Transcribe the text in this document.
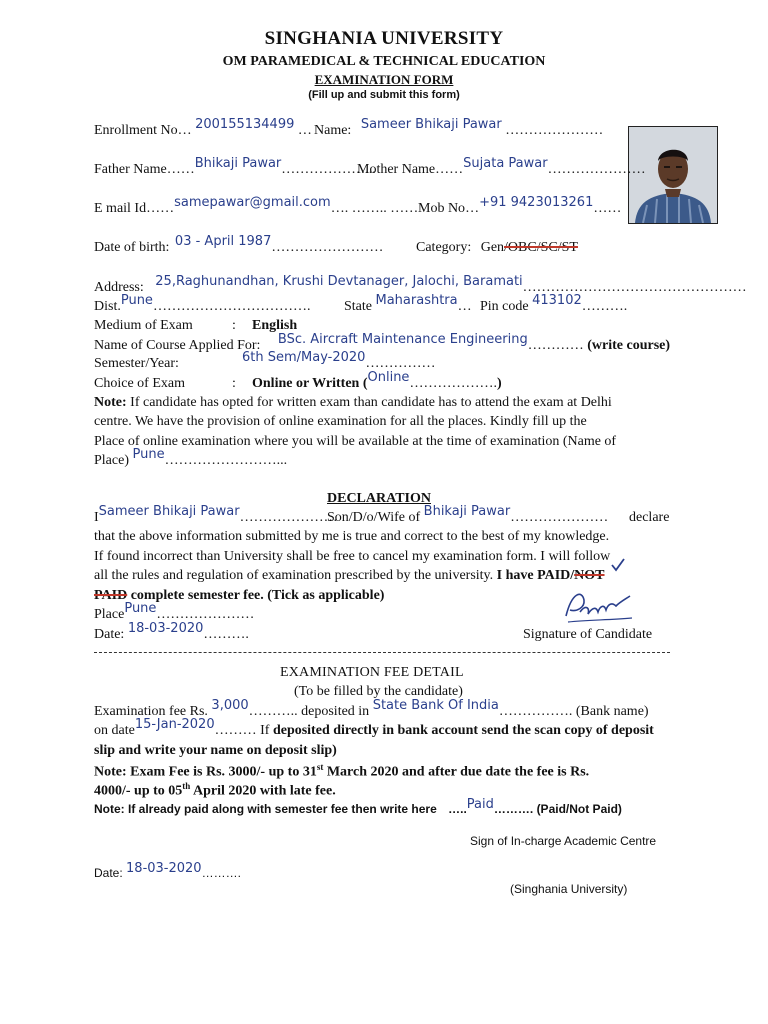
SINGHANIA UNIVERSITY
OM PARAMEDICAL & TECHNICAL EDUCATION
EXAMINATION FORM
(Fill up and submit this form)
Enrollment No… 200155134499 … Name: Sameer Bhikaji Pawar …………………
Father Name……Bhikaji Pawar………………...
Mother Name……Sujata Pawar…………………
E mail Id……samepawar@gmail.com…. …….. …… Mob No…+91 9423013261……
Date of birth: 03 - April 1987…………………… Category: Gen/OBC/SC/ST
Address: 25,Raghunandhan, Krushi Devtanager, Jalochi, Baramati…………………………………………
Dist.Pune……………………………. State Maharashtra… Pin code 413102……….
Medium of Exam	: English
Name of Course Applied For: BSc. Aircraft Maintenance Engineering………… (write course)
Semester/Year:	6th Sem/May-2020……………
Choice of Exam	: Online or Written (Online……………….)
Note: If candidate has opted for written exam than candidate has to attend the exam at Delhi
centre. We have the provision of online examination for all the places. Kindly fill up the
Place of online examination where you will be available at the time of examination (Name of
Place) Pune……………………...
DECLARATION
ISameer Bhikaji Pawar…………………
Son/D/o/Wife of Bhikaji Pawar………………… declare
that the above information submitted by me is true and correct to the best of my knowledge.
If found incorrect than University shall be free to cancel my examination form. I will follow
all the rules and regulation of examination prescribed by the university. I have PAID/NOT
PAID complete semester fee. (Tick as applicable)
PlacePune…………………
Date: 18-03-2020……….	Signature of Candidate
EXAMINATION FEE DETAIL
(To be filled by the candidate)
Examination fee Rs. 3,000……….. deposited in State Bank Of India……………. (Bank name)
on date15-Jan-2020……… If deposited directly in bank account send the scan copy of deposit
slip and write your name on deposit slip)
Note: Exam Fee is Rs. 3000/- up to 31st March 2020 and after due date the fee is Rs.
4000/- up to 05th April 2020 with late fee.
Note: If already paid along with semester fee then write here …..Paid………. (Paid/Not Paid)
Sign of In-charge Academic Centre
Date: 18-03-2020……….
(Singhania University)
